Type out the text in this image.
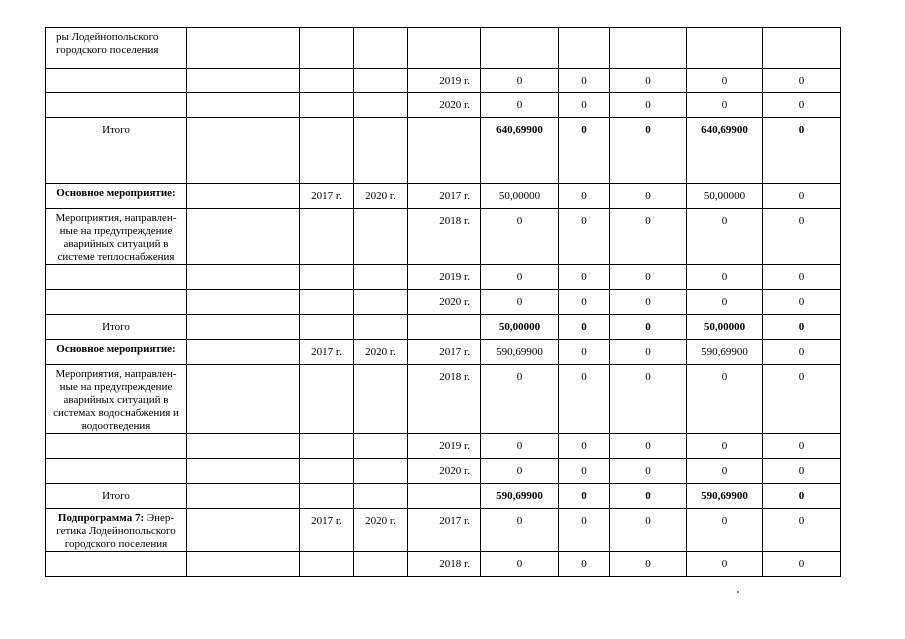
ры Лодейнопольского городского поселения									

				2019 г.	0	0	0	0	0

				2020 г.	0	0	0	0	0

Итого					640,69900	0	0	640,69900	0

Основное мероприятие:		2017 г.	2020 г.	2017 г.	50,00000	0	0	50,00000	0

Мероприятия, направлен-ные на предупреждение аварийных ситуаций в системе теплоснабжения				2018 г.	0	0	0	0	0

				2019 г.	0	0	0	0	0

				2020 г.	0	0	0	0	0

Итого					50,00000	0	0	50,00000	0

Основное мероприятие:		2017 г.	2020 г.	2017 г.	590,69900	0	0	590,69900	0

Мероприятия, направлен-ные на предупреждение аварийных ситуаций в системах водоснабжения и водоотведения				2018 г.	0	0	0	0	0

				2019 г.	0	0	0	0	0

				2020 г.	0	0	0	0	0

Итого					590,69900	0	0	590,69900	0

Подпрограмма 7: Энер-гетика Лодейнопольского городского поселения		2017 г.	2020 г.	2017 г.	0	0	0	0	0

				2018 г.	0	0	0	0	0
